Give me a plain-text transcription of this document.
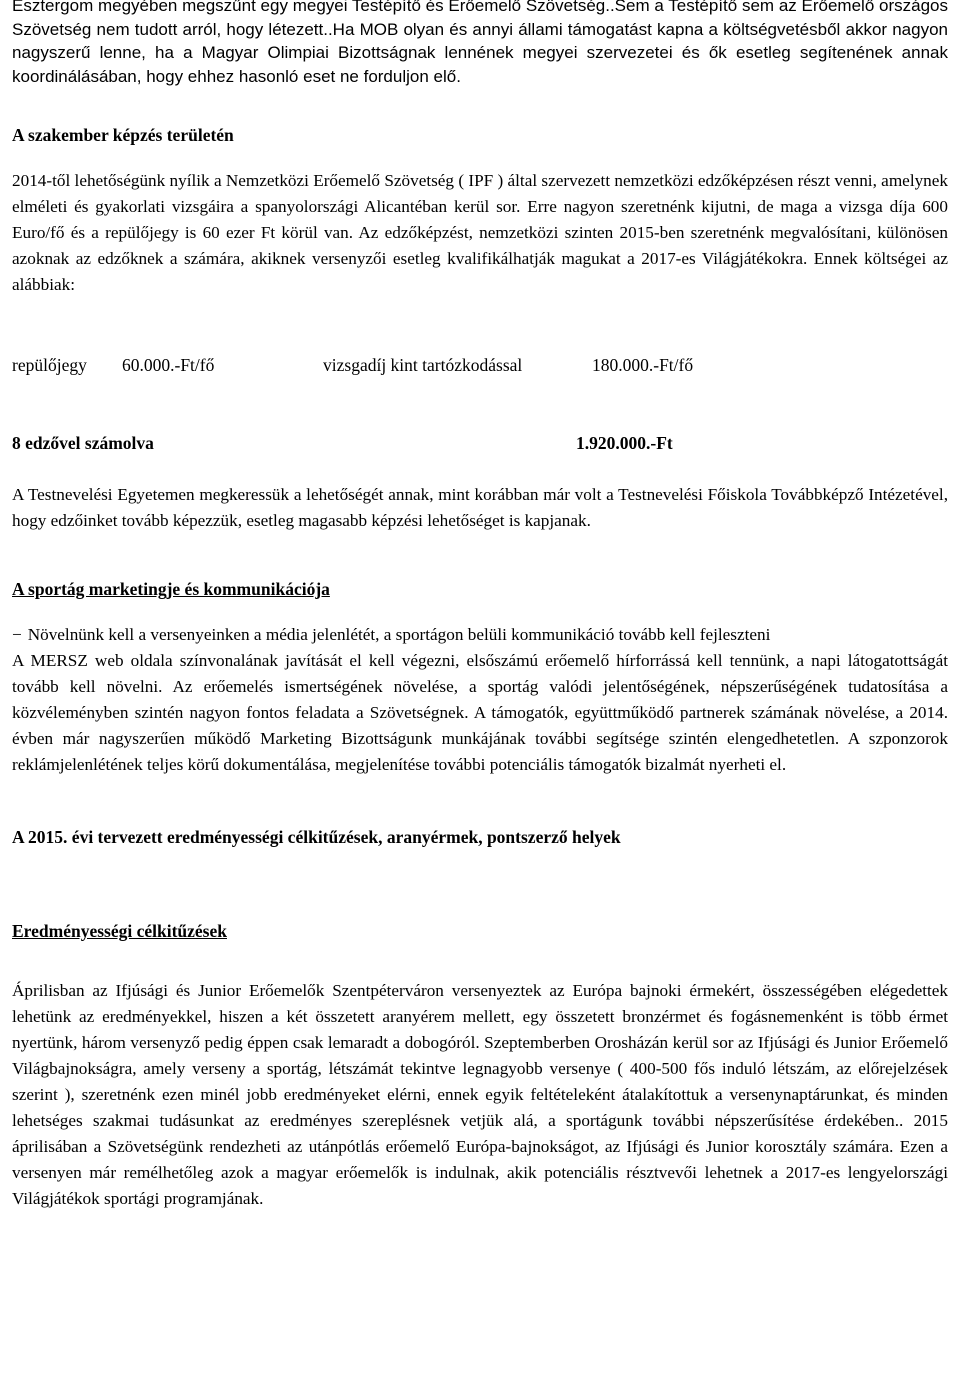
Esztergom megyében megszűnt egy megyei Testépítő és Erőemelő Szövetség.​.Sem a Testépítő sem az Erőemelő országos Szövetség nem tudott arról, hogy létezett.​.Ha MOB olyan és annyi állami támogatást kapna a költségvetésből akkor nagyon nagyszerű lenne, ha a Magyar Olimpiai Bizottságnak lennének megyei szervezetei és ők esetleg segítenének annak koordinálásában, hogy ehhez hasonló eset ne forduljon elő.

A szakember képzés területén

2014-től lehetőségünk nyílik a Nemzetközi Erőemelő Szövetség ( IPF ) által szervezett nemzetközi edzőképzésen részt venni, amelynek elméleti és gyakorlati vizsgáira a spanyolországi Alicantéban kerül sor. Erre nagyon szeretnénk kijutni, de maga a vizsga díja 600 Euro/fő és a repülőjegy is 60 ezer Ft körül van. Az edzőképzést, nemzetközi szinten 2015-ben szeretnénk megvalósítani, különösen azoknak az edzőknek a számára, akiknek versenyzői esetleg kvalifikálhatják magukat a 2017-es Világjátékokra. Ennek költségei az alábbiak:

repülőjegy 60.000.-Ft/fő	vizsgadíj kint tartózkodással	180.000.-Ft/fő
8 edzővel számolva	1.920.000.-Ft

A Testnevelési Egyetemen megkeressük a lehetőségét annak, mint korábban már volt a Testnevelési Főiskola Továbbképző Intézetével, hogy edzőinket tovább képezzük, esetleg magasabb képzési lehetőséget is kapjanak.

A sportág marketingje és kommunikációja

− Növelnünk kell a versenyeinken a média jelenlétét, a sportágon belüli kommunikáció tovább kell fejleszteni

A MERSZ web oldala színvonalának javítását el kell végezni, elsőszámú erőemelő hírforrássá kell tennünk, a napi látogatottságát tovább kell növelni. Az erőemelés ismertségének növelése, a sportág valódi jelentőségének, népszerűségének tudatosítása a közvéleményben szintén nagyon fontos feladata a Szövetségnek. A támogatók, együttműködő partnerek számának növelése, a 2014. évben már nagyszerűen működő Marketing Bizottságunk munkájának további segítsége szintén elengedhetetlen. A szponzorok reklámjelenlétének teljes körű dokumentálása, megjelenítése további potenciális támogatók bizalmát nyerheti el.

A 2015. évi tervezett eredményességi célkitűzések, aranyérmek, pontszerző helyek

Eredményességi célkitűzések

Áprilisban az Ifjúsági és Junior Erőemelők Szentpéterváron versenyeztek az Európa bajnoki érmekért, összességében elégedettek lehetünk az eredményekkel, hiszen a két összetett aranyérem mellett, egy összetett bronzérmet és fogásnemenként is több érmet nyertünk, három versenyző pedig éppen csak lemaradt a dobogóról. Szeptemberben Orosházán kerül sor az Ifjúsági és Junior Erőemelő Világbajnokságra, amely verseny a sportág, létszámát tekintve legnagyobb versenye ( 400-500 fős induló létszám, az előrejelzések szerint ), szeretnénk ezen minél jobb eredményeket elérni, ennek egyik feltételeként átalakítottuk a versenynaptárunkat, és minden lehetséges szakmai tudásunkat az eredményes szereplésnek vetjük alá, a sportágunk további népszerűsítése érdekében.. 2015 áprilisában a Szövetségünk rendezheti az utánpótlás erőemelő Európa-bajnokságot, az Ifjúsági és Junior korosztály számára. Ezen a versenyen már remélhetőleg azok a magyar erőemelők is indulnak, akik potenciális résztvevői lehetnek a 2017-es lengyelországi Világjátékok sportági programjának.
